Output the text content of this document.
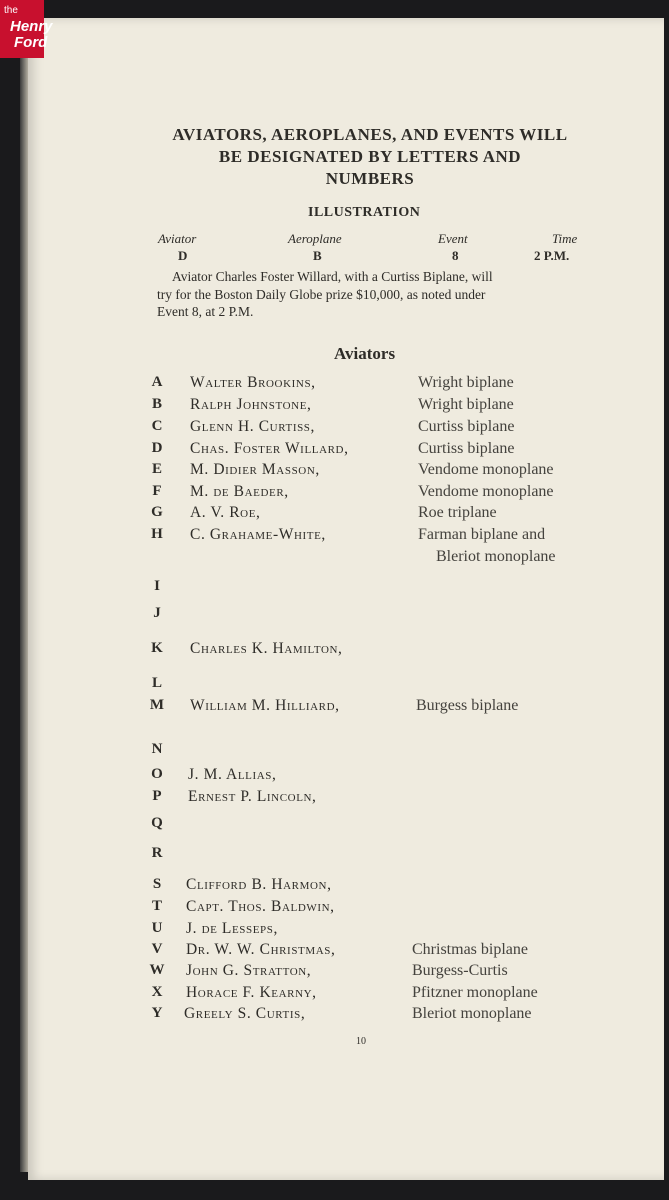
the
Henry
Ford
AVIATORS, AEROPLANES, AND EVENTS WILL
BE DESIGNATED BY LETTERS AND
NUMBERS
ILLUSTRATION
Aviator	Aeroplane	Event	Time
D	B	8	2 P.M.
Aviator Charles Foster Willard, with a Curtiss Biplane, will
try for the Boston Daily Globe prize $10,000, as noted under
Event 8, at 2 P.M.
Aviators
A Walter Brookins,	Wright biplane
B	Ralph Johnstone,	Wright biplane
C Glenn H. Curtiss,	Curtiss biplane
D Chas. Foster Willard,	Curtiss biplane
E	M. Didier Masson,	Vendome monoplane
F	M. de Baeder,	Vendome monoplane
G A. V. Roe,	Roe triplane
H C. Grahame-White,	Farman biplane and
Bleriot monoplane
I
J
K Charles K. Hamilton,
L
M William M. Hilliard,	Burgess biplane
N
O J. M. Allias,
P	Ernest P. Lincoln,
Q
R
S	Clifford B. Harmon,
T	Capt. Thos. Baldwin,
U J. de Lesseps,
V Dr. W. W. Christmas,	Christmas biplane
W John G. Stratton,	Burgess-Curtis
X Horace F. Kearny,	Pfitzner monoplane
Y Greely S. Curtis,	Bleriot monoplane
10
